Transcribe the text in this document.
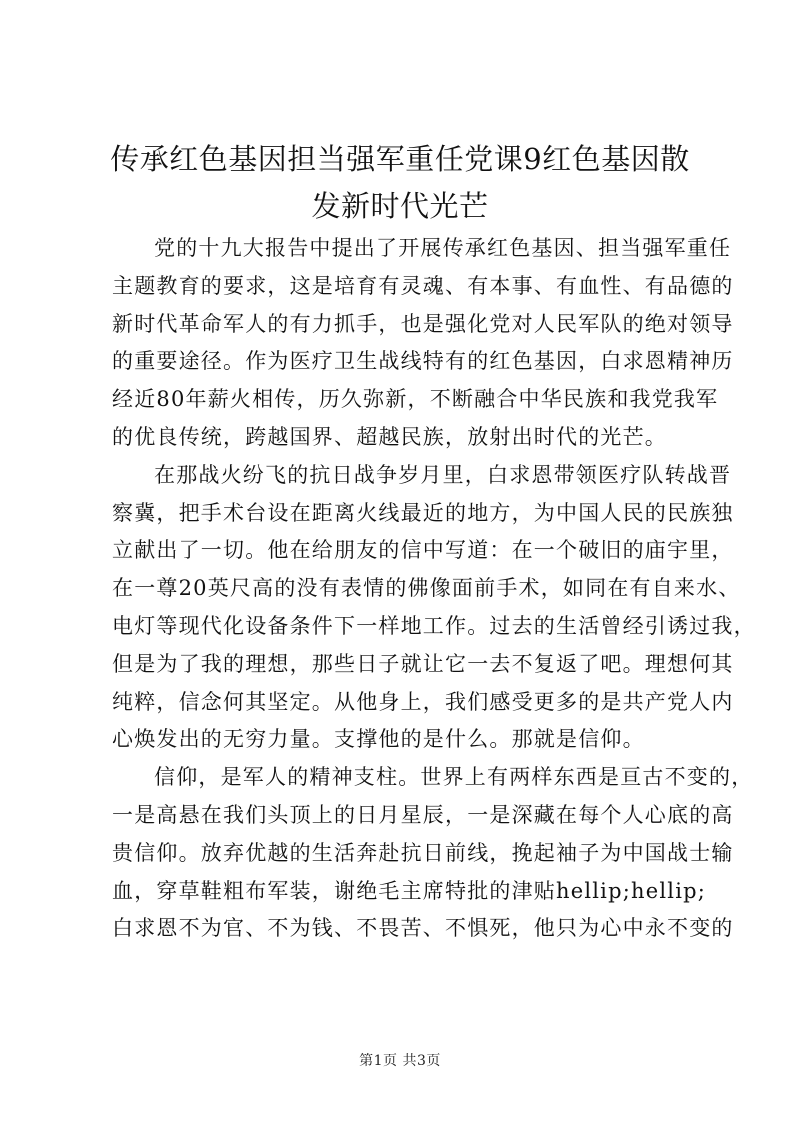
传承红色基因担当强军重任党课9红色基因散
发新时代光芒
党的十九大报告中提出了开展传承红色基因、担当强军重任
主题教育的要求，这是培育有灵魂、有本事、有血性、有品德的
新时代革命军人的有力抓手，也是强化党对人民军队的绝对领导
的重要途径。作为医疗卫生战线特有的红色基因，白求恩精神历
经近80年薪火相传，历久弥新，不断融合中华民族和我党我军
的优良传统，跨越国界、超越民族，放射出时代的光芒。
在那战火纷飞的抗日战争岁月里，白求恩带领医疗队转战晋
察冀，把手术台设在距离火线最近的地方，为中国人民的民族独
立献出了一切。他在给朋友的信中写道：在一个破旧的庙宇里，
在一尊20英尺高的没有表情的佛像面前手术，如同在有自来水、
电灯等现代化设备条件下一样地工作。过去的生活曾经引诱过我，
但是为了我的理想，那些日子就让它一去不复返了吧。理想何其
纯粹，信念何其坚定。从他身上，我们感受更多的是共产党人内
心焕发出的无穷力量。支撑他的是什么。那就是信仰。
信仰，是军人的精神支柱。世界上有两样东西是亘古不变的，
一是高悬在我们头顶上的日月星辰，一是深藏在每个人心底的高
贵信仰。放弃优越的生活奔赴抗日前线，挽起袖子为中国战士输
血，穿草鞋粗布军装，谢绝毛主席特批的津贴hellip;hellip;
白求恩不为官、不为钱、不畏苦、不惧死，他只为心中永不变的
第1页 共3页
